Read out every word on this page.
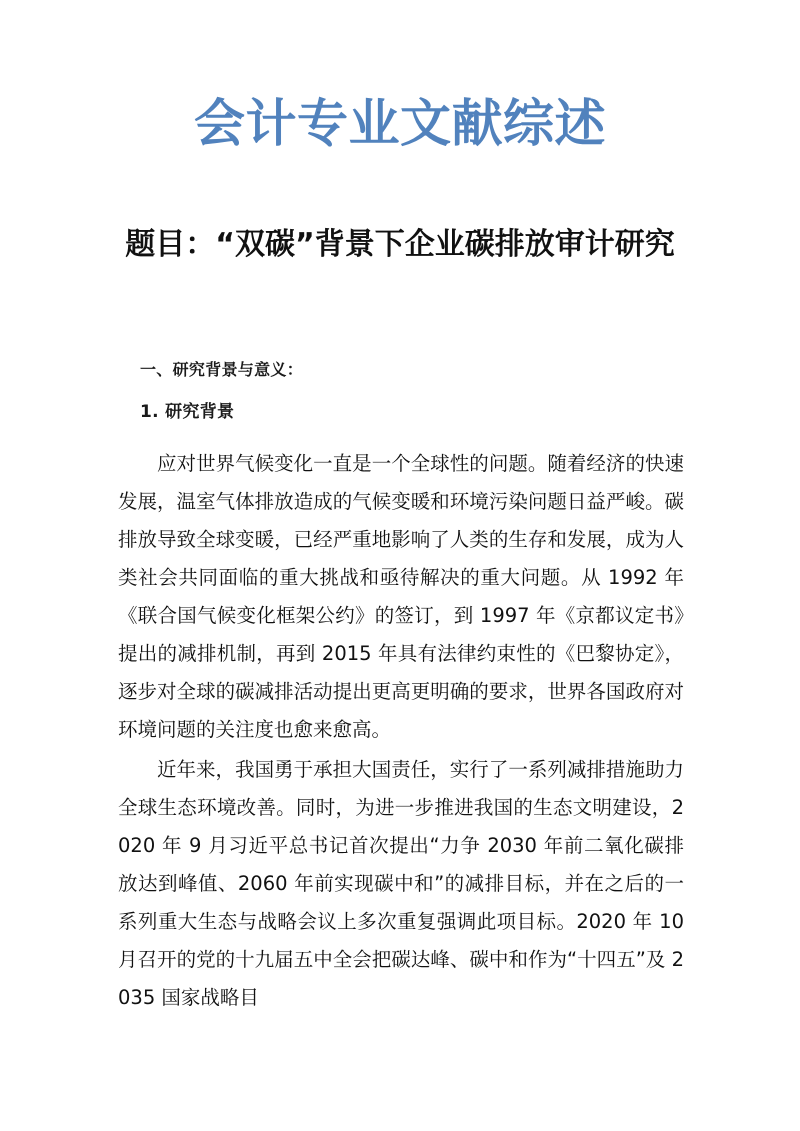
会计专业文献综述
题目：“双碳”背景下企业碳排放审计研究

一、研究背景与意义：

1. 研究背景

应对世界气候变化一直是一个全球性的问题。随着经济的快速发展，温室气体排放造成的气候变暖和环境污染问题日益严峻。碳排放导致全球变暖，已经严重地影响了人类的生存和发展，成为人类社会共同面临的重大挑战和亟待解决的重大问题。从 1992 年《联合国气候变化框架公约》的签订，到 1997 年《京都议定书》提出的减排机制，再到 2015 年具有法律约束性的《巴黎协定》，逐步对全球的碳减排活动提出更高更明确的要求，世界各国政府对环境问题的关注度也愈来愈高。

近年来，我国勇于承担大国责任，实行了一系列减排措施助力全球生态环境改善。同时，为进一步推进我国的生态文明建设，2020 年 9 月习近平总书记首次提出“力争 2030 年前二氧化碳排放达到峰值、2060 年前实现碳中和”的减排目标，并在之后的一系列重大生态与战略会议上多次重复强调此项目标。2020 年 10 月召开的党的十九届五中全会把碳达峰、碳中和作为“十四五”及 2035 国家战略目
